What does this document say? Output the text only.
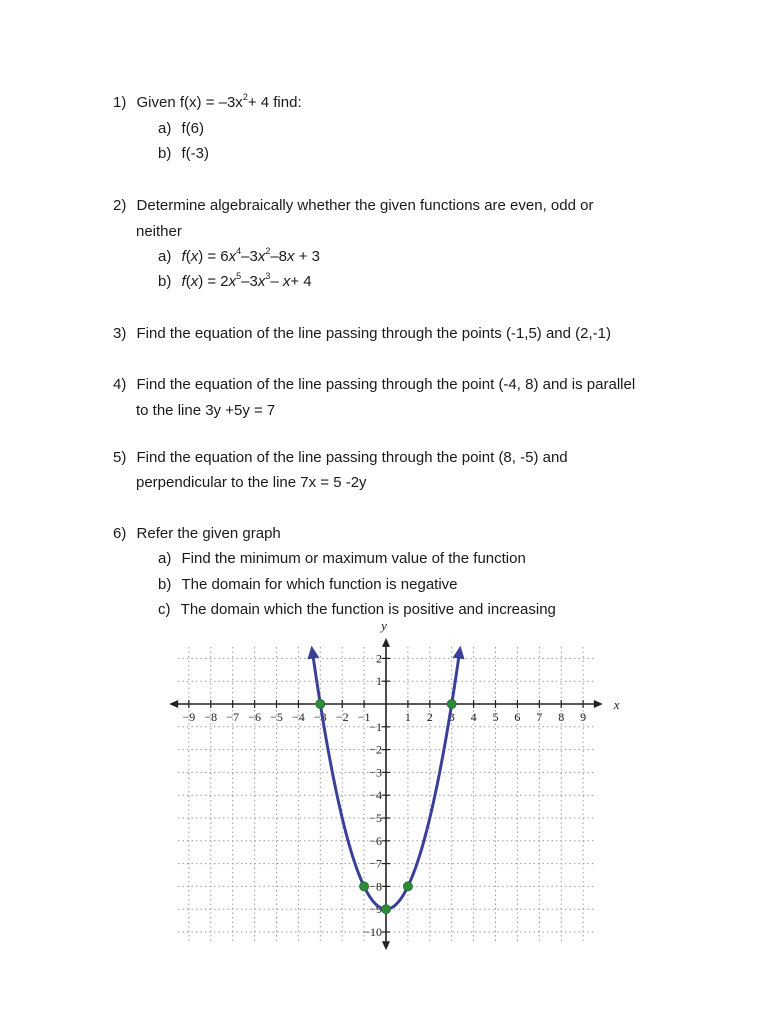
1) Given $f(x) = -3x^2+ 4$ find:
a) f(6)
b) f(-3)
2) Determine algebraically whether the given functions are even, odd or
neither
a) $f(x) = 6x^4-3x^2-8x + 3$
b) $f(x) = 2x^5-3x^3-$ x+ 4
3) Find the equation of the line passing through the points (-1,5) and (2,-1)
4) Find the equation of the line passing through the point (-4, 8) and is parallel
to the line 3y +5y = 7
5) Find the equation of the line passing through the point (8, -5) and
perpendicular to the line 7x = 5 -2y
6) Refer the given graph
a) Find the minimum or maximum value of the function
b) The domain for which function is negative
c) The domain which the function is positive and increasing
x
y
−9 −8 −7 −6 −5 −4 −3 −2 −1	1 2 3 4 5 6 7 8 9
2
1
−1
−2
−3
−4
−5
−6
−7
−8
−9
−10
